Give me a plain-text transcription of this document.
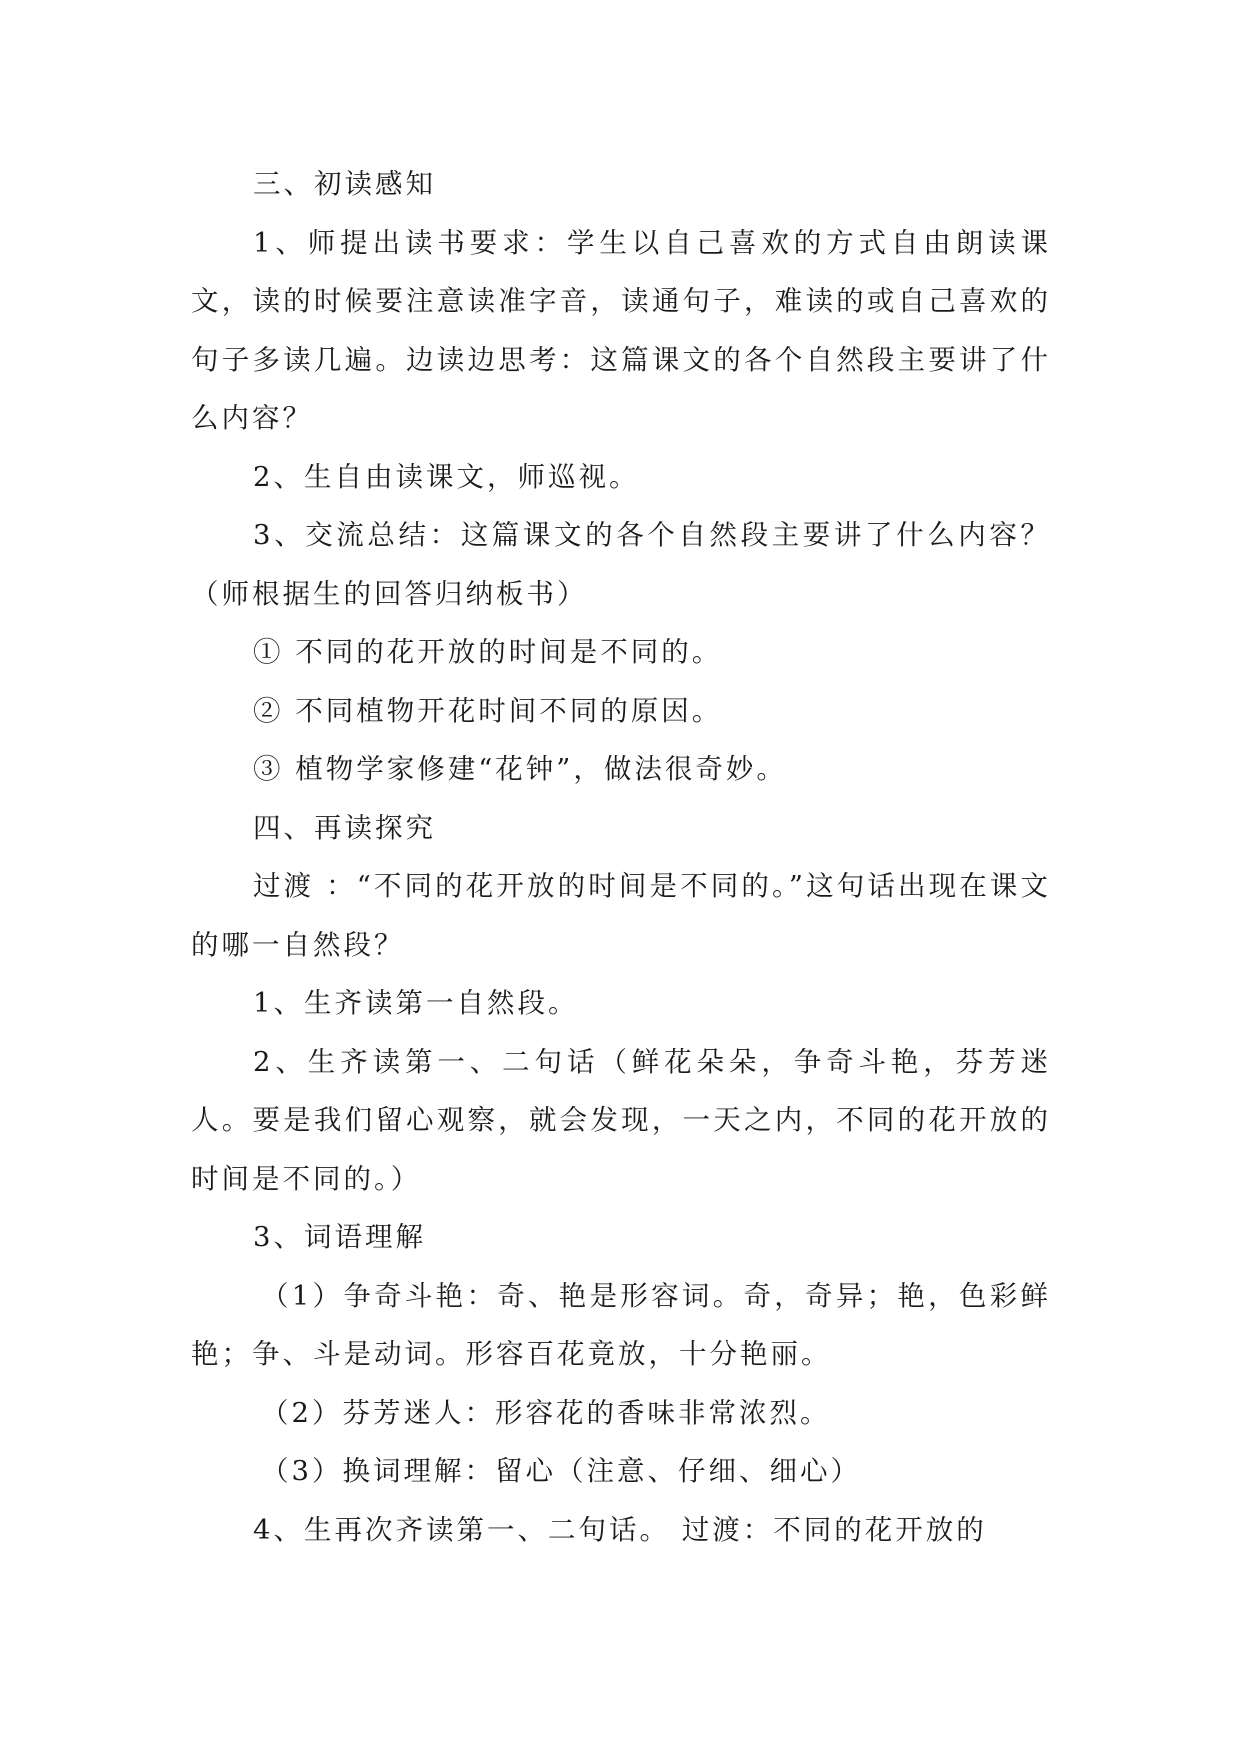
三、初读感知

1、师提出读书要求：学生以自己喜欢的方式自由朗读课文，读的时候要注意读准字音，读通句子，难读的或自己喜欢的句子多读几遍。边读边思考：这篇课文的各个自然段主要讲了什么内容？

2、生自由读课文，师巡视。

3、交流总结：这篇课文的各个自然段主要讲了什么内容？（师根据生的回答归纳板书）

① 不同的花开放的时间是不同的。

② 不同植物开花时间不同的原因。

③ 植物学家修建“花钟”，做法很奇妙。

四、再读探究

过渡 ：“不同的花开放的时间是不同的。”这句话出现在课文的哪一自然段？

1、生齐读第一自然段。

2、生齐读第一、二句话（鲜花朵朵，争奇斗艳，芬芳迷人。要是我们留心观察，就会发现，一天之内，不同的花开放的时间是不同的。）

3、词语理解

（1）争奇斗艳：奇、艳是形容词。奇，奇异；艳，色彩鲜艳；争、斗是动词。形容百花竟放，十分艳丽。

（2）芬芳迷人：形容花的香味非常浓烈。

（3）换词理解：留心（注意、仔细、细心）

4、生再次齐读第一、二句话。 过渡：不同的花开放的
